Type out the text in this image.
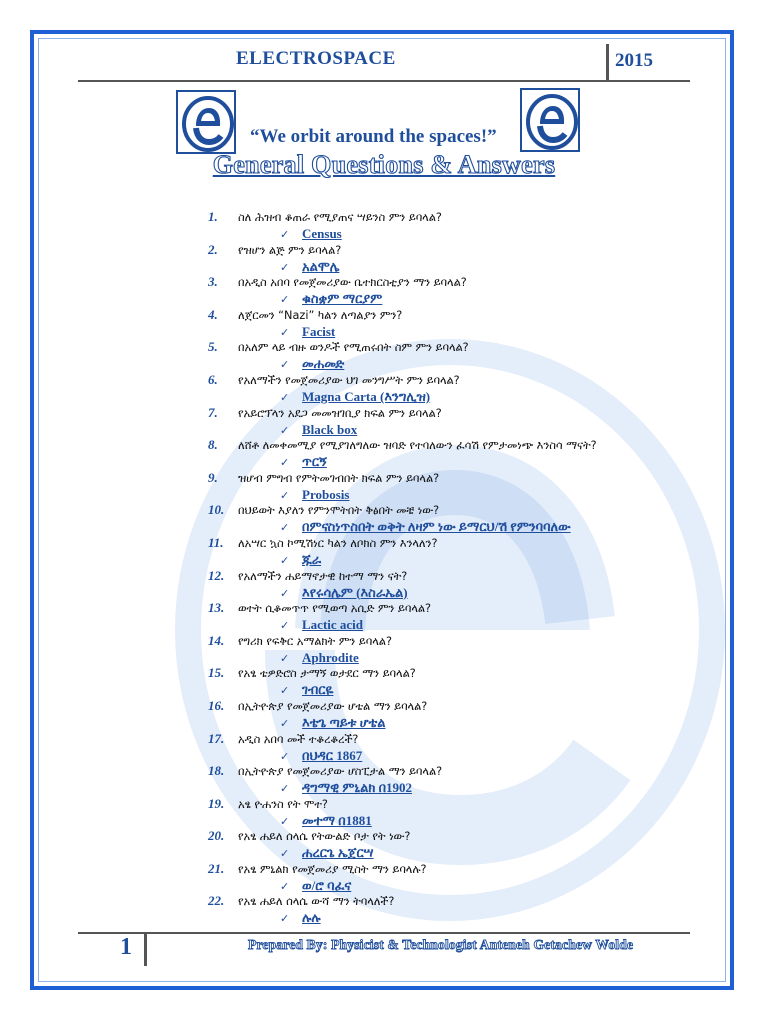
ELECTROSPACE	2015
“We orbit around the spaces!”
General Questions & Answers
1.	ስለ ሕዝብ ቆጠራ የሚያጠና ሣይንስ ምን ይባላል?
✓ Census
2.	የዝሆን ልጅ ምን ይባላል?
✓ አልሞሌ
3.	በአዲስ አበባ የመጀመሪያው ቤተክርስቲያን ማን ይባላል?
✓ ቁስቋም ማርያም
4.	ለጀርመን “Nazi” ካልን ለጣልያን ምን?
✓ Facist
5.	በአለም ላይ ብዙ ወንዶች የሚጠሩበት ስም ምን ይባላል?
✓ መሐመድ
6.	የአለማችን የመጀመሪያው ህገ መንግሥት ምን ይባላል?
✓ Magna Carta (እንግሊዝ)
7.	የአይሮፕላን አደጋ መመዝገቢያ ክፍል ምን ይባላል?
✓ Black box
8.	ለሸቶ ለመቀመሚያ የሚያገለግለው ዝባድ የተባለውን ፈሳሽ የምታመነጭ እንስሳ ማናት?
✓ ጥርኝ
9.	ዝሆብ ምግብ የምትመገብበት ክፍል ምን ይባላል?
✓ Probosis
10.	በህይወት እያለን የምንሞትበት ቅፅበት መቼ ነው?
✓ በምናስነጥስበት ወቅት ለዛም ነው ይማርህ/ሽ የምንባባለው
11.	ለአሣር ኳስ ኮሚሽነር ካልን ለቦክስ ምን እንላለን?
✓ ጁራ
12.	የአለማችን ሐይማኖታዊ ከተማ ማን ናት?
✓ እየሩሳሌም (እስራኤል)
13.	ወተት ሲቆመጥጥ የሚወጣ አሲድ ምን ይባላል?
✓ Lactic acid
14.	የግሪክ የፍቅር አማልክት ምን ይባላል?
✓ Aphrodite
15.	የአፄ ቴዎድሮስ ታማኝ ወታደር ማን ይባላል?
✓ ገብርዬ
16.	በኢትዮጵያ የመጀመሪያው ሆቴል ማን ይባላል?
✓ እቴጌ ጣይቱ ሆቴል
17.	አዲስ አበባ መች ተቆረቆረች?
✓ በህዳር 1867
18.	በኢትዮጵያ የመጀመሪያው ሆስፒታል ማን ይባላል?
✓ ዳግማዊ ምኒልክ በ1902
19.	አፄ ዮሐንስ የት ሞተ?
✓ መተማ በ1881
20.	የአፄ ሐይለ ሰላሴ የትውልድ ቦታ የት ነው?
✓ ሐረርጌ ኤጀርሣ
21.	የአፄ ምኒልክ የመጀመሪያ ሚስት ማን ይባላሉ?
✓ ወ/ሮ ባፈና
22.	የአፄ ሐይለ ሰላሴ ውሻ ማን ትባላለች?
✓ ሉሉ
1	Prepared By: Physicist & Technologist Anteneh Getachew Wolde
